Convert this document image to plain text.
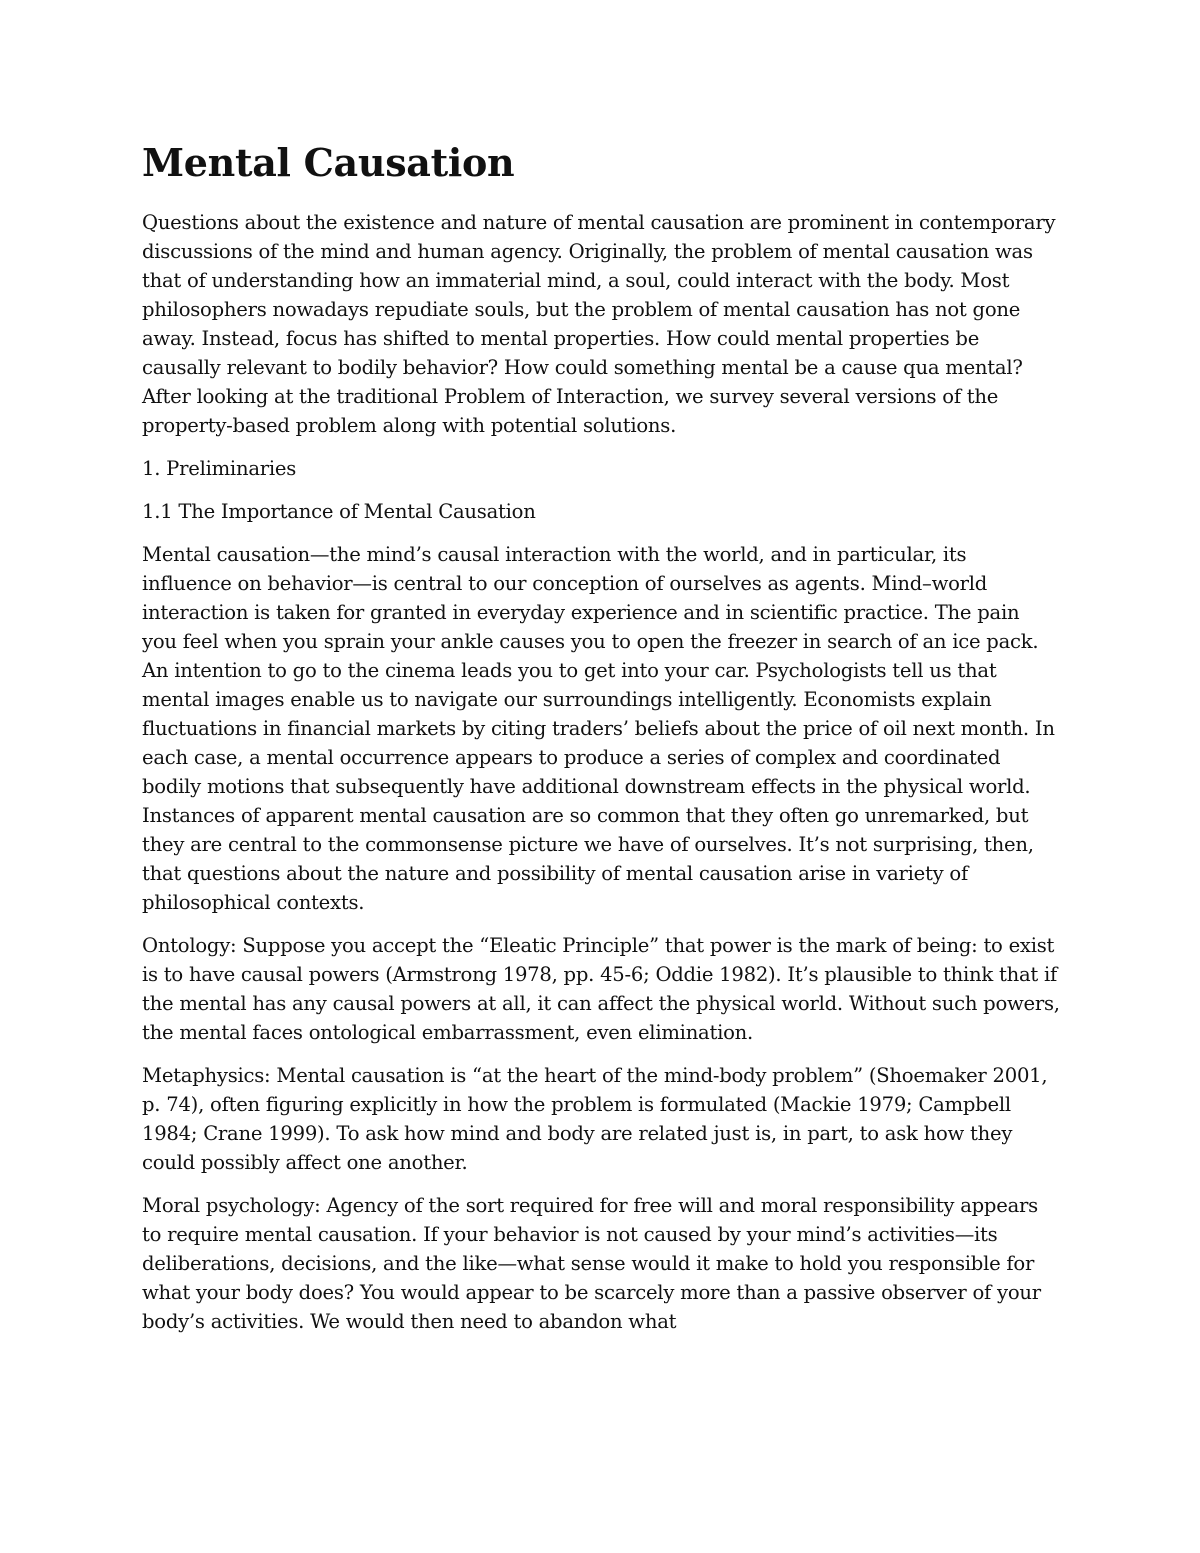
Mental Causation

Questions about the existence and nature of mental causation are prominent in contemporary discussions of the mind and human agency. Originally, the problem of mental causation was that of understanding how an immaterial mind, a soul, could interact with the body. Most philosophers nowadays repudiate souls, but the problem of mental causation has not gone away. Instead, focus has shifted to mental properties. How could mental properties be causally relevant to bodily behavior? How could something mental be a cause qua mental? After looking at the traditional Problem of Interaction, we survey several versions of the property-based problem along with potential solutions.

1. Preliminaries

1.1 The Importance of Mental Causation

Mental causation—the mind’s causal interaction with the world, and in particular, its influence on behavior—is central to our conception of ourselves as agents. Mind–world interaction is taken for granted in everyday experience and in scientific practice. The pain you feel when you sprain your ankle causes you to open the freezer in search of an ice pack. An intention to go to the cinema leads you to get into your car. Psychologists tell us that mental images enable us to navigate our surroundings intelligently. Economists explain fluctuations in financial markets by citing traders’ beliefs about the price of oil next month. In each case, a mental occurrence appears to produce a series of complex and coordinated bodily motions that subsequently have additional downstream effects in the physical world. Instances of apparent mental causation are so common that they often go unremarked, but they are central to the commonsense picture we have of ourselves. It’s not surprising, then, that questions about the nature and possibility of mental causation arise in variety of philosophical contexts.

Ontology: Suppose you accept the “Eleatic Principle” that power is the mark of being: to exist is to have causal powers (Armstrong 1978, pp. 45-6; Oddie 1982). It’s plausible to think that if the mental has any causal powers at all, it can affect the physical world. Without such powers, the mental faces ontological embarrassment, even elimination.

Metaphysics: Mental causation is “at the heart of the mind-body problem” (Shoemaker 2001, p. 74), often figuring explicitly in how the problem is formulated (Mackie 1979; Campbell 1984; Crane 1999). To ask how mind and body are related just is, in part, to ask how they could possibly affect one another.

Moral psychology: Agency of the sort required for free will and moral responsibility appears to require mental causation. If your behavior is not caused by your mind’s activities—its deliberations, decisions, and the like—what sense would it make to hold you responsible for what your body does? You would appear to be scarcely more than a passive observer of your body’s activities. We would then need to abandon what
